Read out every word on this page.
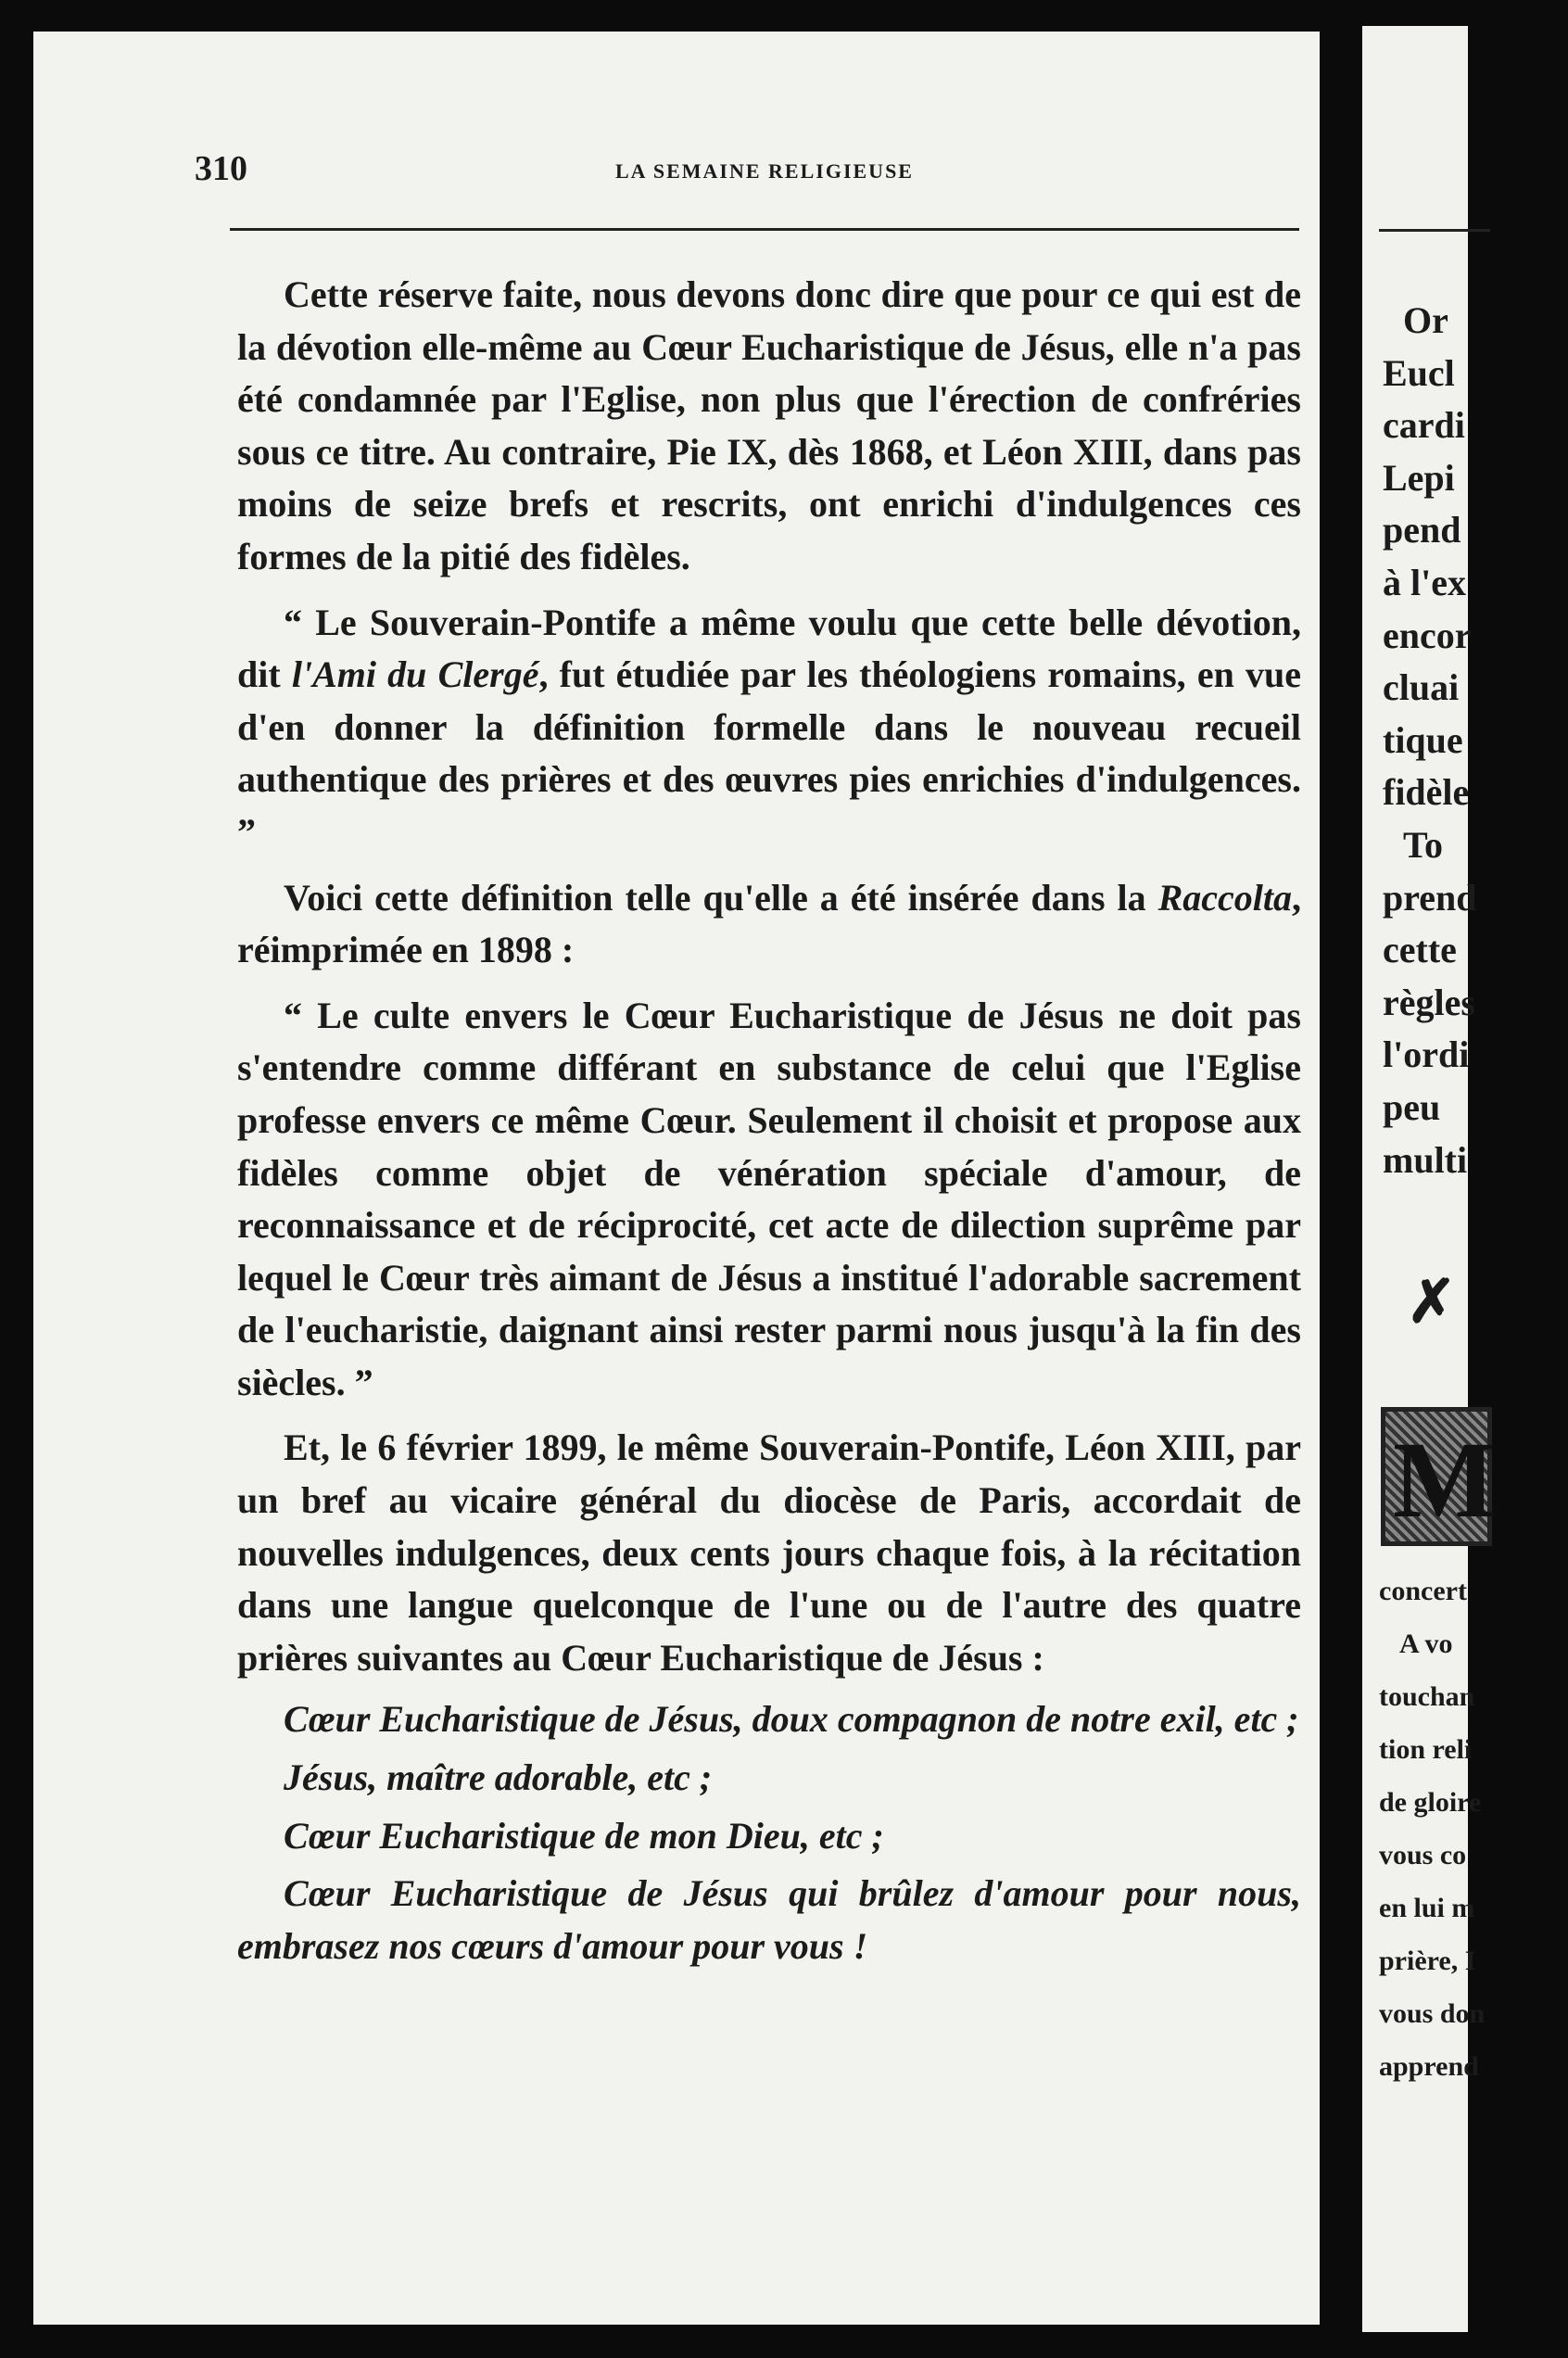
Or
Eucl
cardi
Lepi
pend
à l'ex
encor
cluai
tique
fidèle
To
prend
cette
règles
l'ordi
peu
multi
✗
M
concert
A vo
touchan
tion reli
de gloire
vous co
en lui m
prière, I
vous don
apprend
310	LA SEMAINE RELIGIEUSE

Cette réserve faite, nous devons donc dire que pour ce qui est de la dévotion elle-même au Cœur Eucharistique de Jésus, elle n'a pas été condamnée par l'Eglise, non plus que l'érection de confréries sous ce titre. Au contraire, Pie IX, dès 1868, et Léon XIII, dans pas moins de seize brefs et rescrits, ont enrichi d'indulgences ces formes de la pitié des fidèles.

“ Le Souverain-Pontife a même voulu que cette belle dévotion, dit l'Ami du Clergé, fut étudiée par les théologiens romains, en vue d'en donner la définition formelle dans le nouveau recueil authentique des prières et des œuvres pies enrichies d'indulgences. ”

Voici cette définition telle qu'elle a été insérée dans la Raccolta, réimprimée en 1898 :

“ Le culte envers le Cœur Eucharistique de Jésus ne doit pas s'entendre comme différant en substance de celui que l'Eglise professe envers ce même Cœur. Seulement il choisit et propose aux fidèles comme objet de vénération spéciale d'amour, de reconnaissance et de réciprocité, cet acte de dilection suprême par lequel le Cœur très aimant de Jésus a institué l'adorable sacrement de l'eucharistie, daignant ainsi rester parmi nous jusqu'à la fin des siècles. ”

Et, le 6 février 1899, le même Souverain-Pontife, Léon XIII, par un bref au vicaire général du diocèse de Paris, accordait de nouvelles indulgences, deux cents jours chaque fois, à la récitation dans une langue quelconque de l'une ou de l'autre des quatre prières suivantes au Cœur Eucharistique de Jésus :

Cœur Eucharistique de Jésus, doux compagnon de notre exil, etc ;

Jésus, maître adorable, etc ;

Cœur Eucharistique de mon Dieu, etc ;

Cœur Eucharistique de Jésus qui brûlez d'amour pour nous, embrasez nos cœurs d'amour pour vous !
